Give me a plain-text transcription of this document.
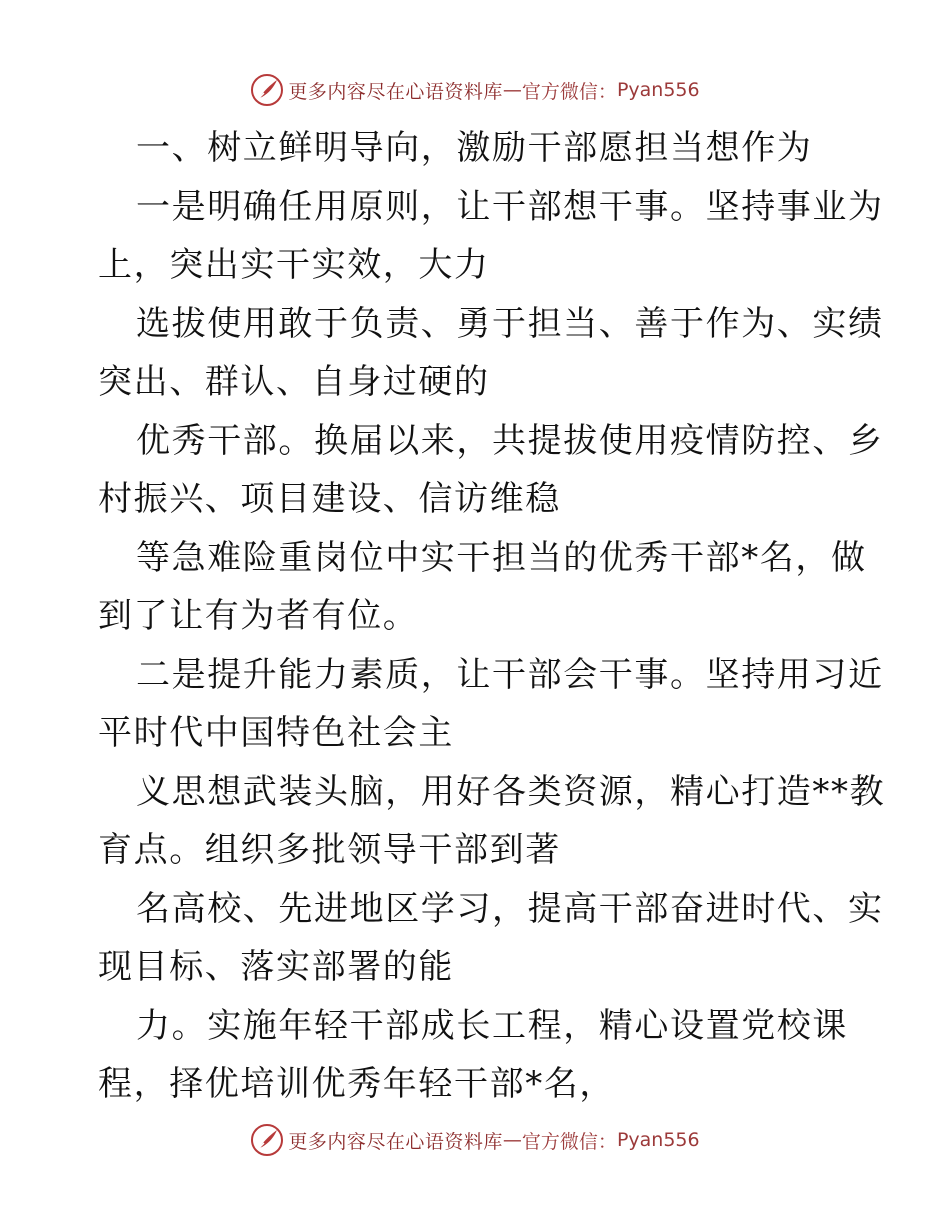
更多内容尽在心语资料库 — 官方微信： Pyan556
一、树立鲜明导向，激励干部愿担当想作为
一是明确任用原则，让干部想干事。坚持事业为
上，突出实干实效，大力
选拔使用敢于负责、勇于担当、善于作为、实绩
突出、群认、自身过硬的
优秀干部。换届以来，共提拔使用疫情防控、乡
村振兴、项目建设、信访维稳
等急难险重岗位中实干担当的优秀干部*名，做
到了让有为者有位。
二是提升能力素质，让干部会干事。坚持用习近
平时代中国特色社会主
义思想武装头脑，用好各类资源，精心打造**教
育点。组织多批领导干部到著
名高校、先进地区学习，提高干部奋进时代、实
现目标、落实部署的能
力。实施年轻干部成长工程，精心设置党校课
程，择优培训优秀年轻干部*名，
更多内容尽在心语资料库 — 官方微信： Pyan556
